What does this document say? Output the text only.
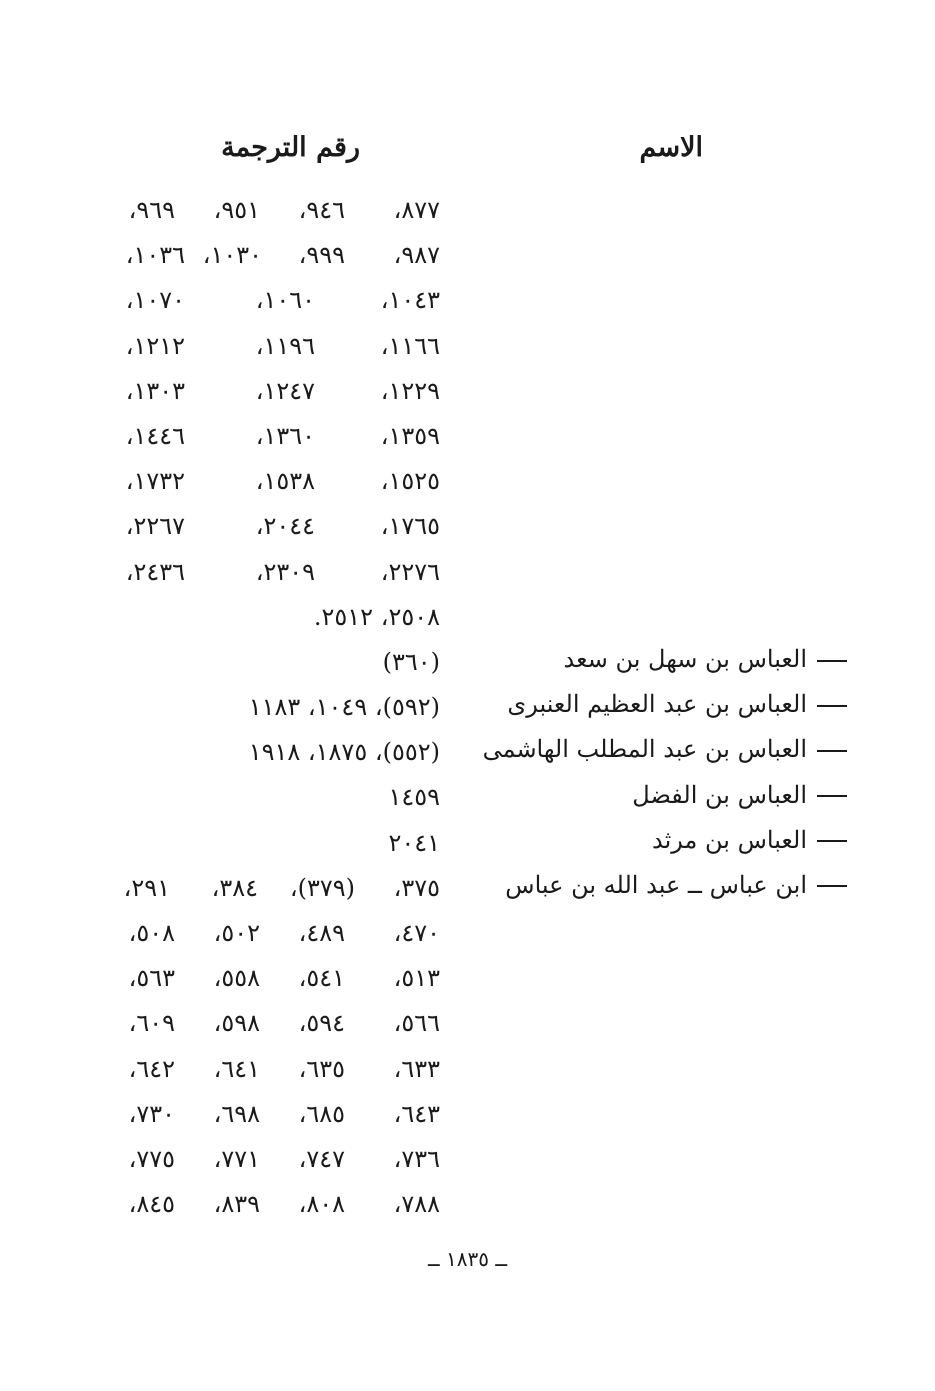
الاسم
رقم الترجمة
٨٧٧،
٩٤٦،
٩٥١،
٩٦٩،
٩٨٧،
٩٩٩،
١٠٣٠،
١٠٣٦،
١٠٤٣،
١٠٦٠،
١٠٧٠،
١١٦٦،
١١٩٦،
١٢١٢،
١٢٢٩،
١٢٤٧،
١٣٠٣،
١٣٥٩،
١٣٦٠،
١٤٤٦،
١٥٢٥،
١٥٣٨،
١٧٣٢،
١٧٦٥،
٢٠٤٤،
٢٢٦٧،
٢٢٧٦،
٢٣٠٩،
٢٤٣٦،
٢٥٠٨، ٢٥١٢.
(٣٦٠)
(٥٩٢)، ١٠٤٩، ١١٨٣
(٥٥٢)، ١٨٧٥، ١٩١٨
١٤٥٩
٢٠٤١
٣٧٥،
(٣٧٩)،
٣٨٤،
٢٩١،
٤٧٠،
٤٨٩،
٥٠٢،
٥٠٨،
٥١٣،
٥٤١،
٥٥٨،
٥٦٣،
٥٦٦،
٥٩٤،
٥٩٨،
٦٠٩،
٦٣٣،
٦٣٥،
٦٤١،
٦٤٢،
٦٤٣،
٦٨٥،
٦٩٨،
٧٣٠،
٧٣٦،
٧٤٧،
٧٧١،
٧٧٥،
٧٨٨،
٨٠٨،
٨٣٩،
٨٤٥،
العباس بن سهل بن سعد
العباس بن عبد العظيم العنبرى
العباس بن عبد المطلب الهاشمى
العباس بن الفضل
العباس بن مرثد
ابن عباس ــ عبد الله بن عباس
ــ ١٨٣٥ ــ
